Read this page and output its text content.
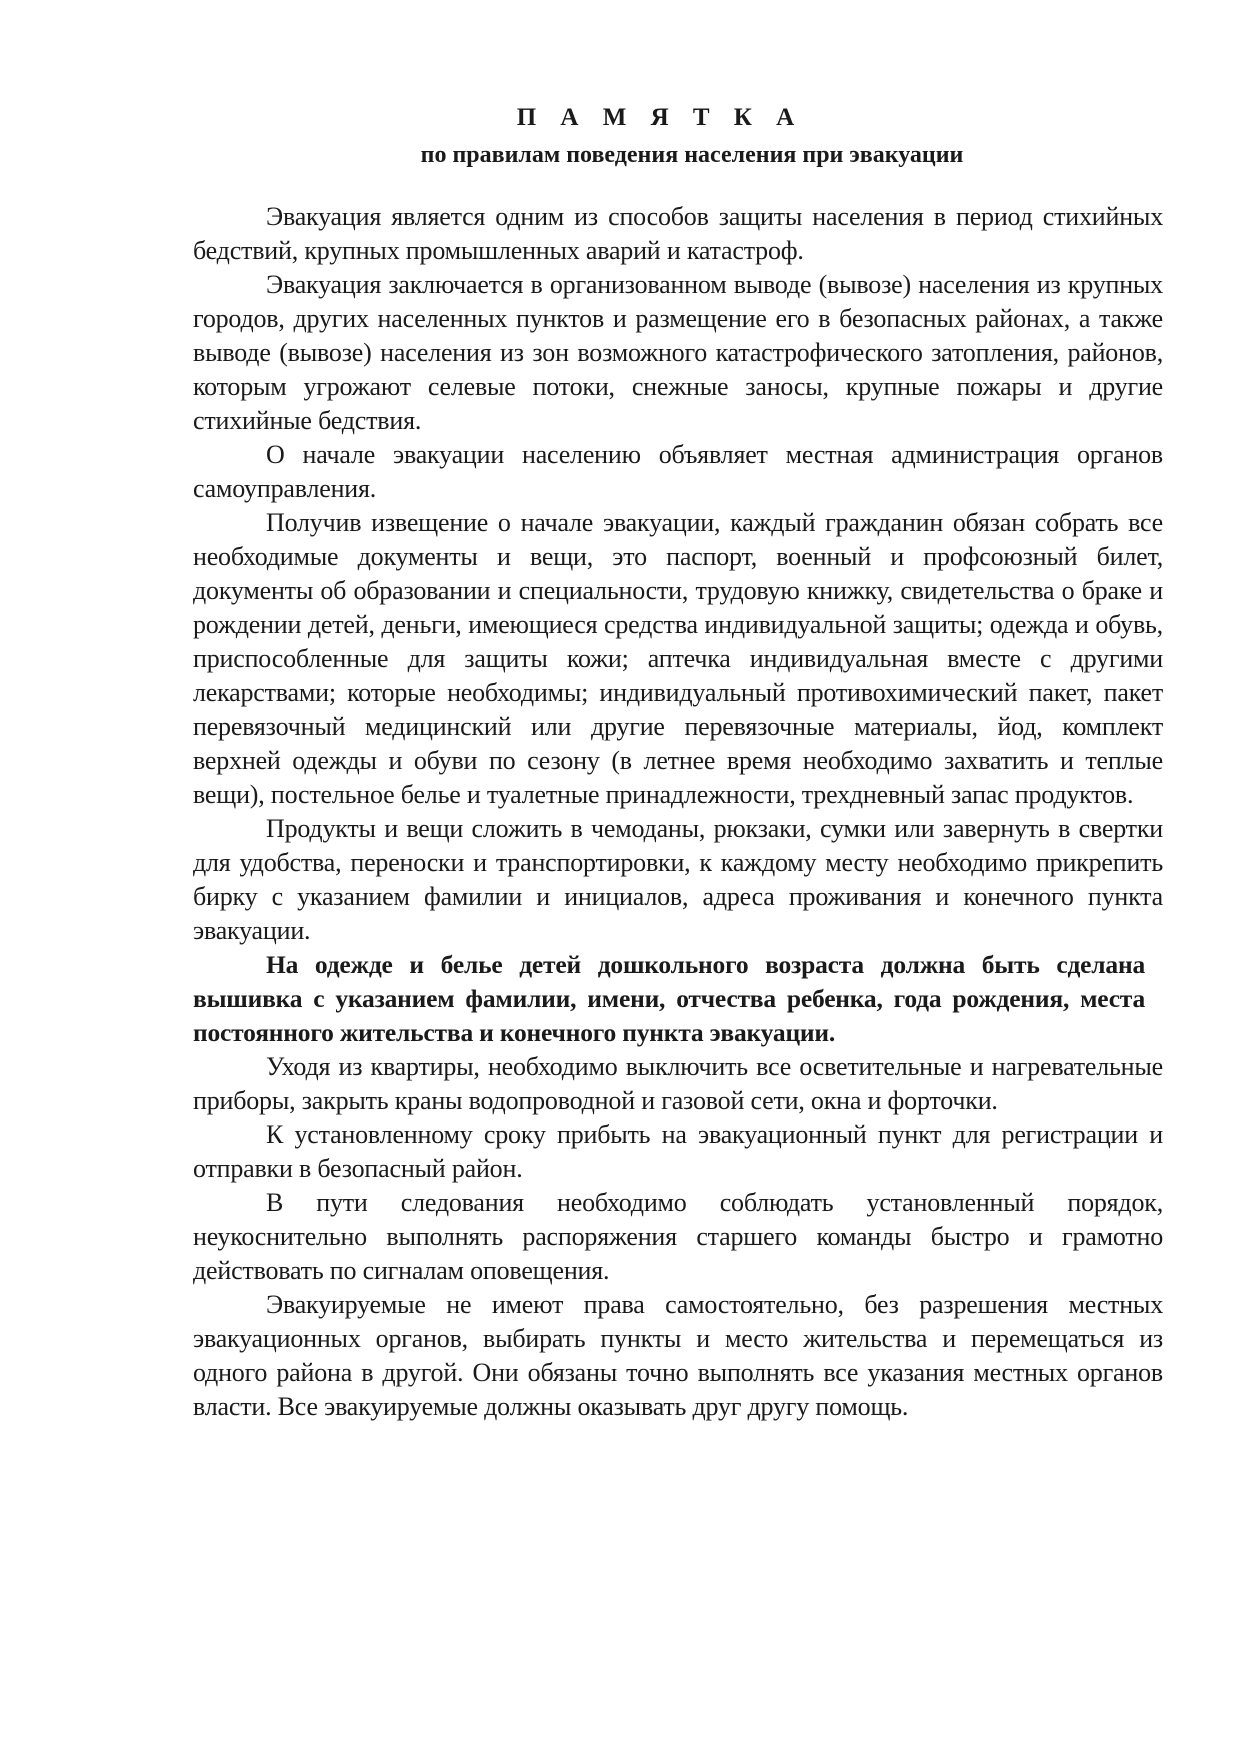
П А М Я Т К А
по правилам поведения населения при эвакуации

Эвакуация является одним из способов защиты населения в период стихийных бедствий, крупных промышленных аварий и катастроф.

Эвакуация заключается в организованном выводе (вывозе) населения из крупных городов, других населенных пунктов и размещение его в безопасных районах, а также выводе (вывозе) населения из зон возможного катастрофического затопления, районов, которым угрожают селевые потоки, снежные заносы, крупные пожары и другие стихийные бедствия.

О начале эвакуации населению объявляет местная администрация органов самоуправления.

Получив извещение о начале эвакуации, каждый гражданин обязан собрать все необходимые документы и вещи, это паспорт, военный и профсоюзный билет, документы об образовании и специальности, трудовую книжку, свидетельства о браке и рождении детей, деньги, имеющиеся средства индивидуальной защиты; одежда и обувь, приспособленные для защиты кожи; аптечка индивидуальная вместе с другими лекарствами; которые необходимы; индивидуальный противохимический пакет, пакет перевязочный медицинский или другие перевязочные материалы, йод, комплект верхней одежды и обуви по сезону (в летнее время необходимо захватить и теплые вещи), постельное белье и туалетные принадлежности, трехдневный запас продуктов.

Продукты и вещи сложить в чемоданы, рюкзаки, сумки или завернуть в свертки для удобства, переноски и транспортировки, к каждому месту необходимо прикрепить бирку с указанием фамилии и инициалов, адреса проживания и конечного пункта эвакуации.

На одежде и белье детей дошкольного возраста должна быть сделана вышивка с указанием фамилии, имени, отчества ребенка, года рождения, места постоянного жительства и конечного пункта эвакуации.

Уходя из квартиры, необходимо выключить все осветительные и нагревательные приборы, закрыть краны водопроводной и газовой сети, окна и форточки.

К установленному сроку прибыть на эвакуационный пункт для регистрации и отправки в безопасный район.

В пути следования необходимо соблюдать установленный порядок, неукоснительно выполнять распоряжения старшего команды быстро и грамотно действовать по сигналам оповещения.

Эвакуируемые не имеют права самостоятельно, без разрешения местных эвакуационных органов, выбирать пункты и место жительства и перемещаться из одного района в другой. Они обязаны точно выполнять все указания местных органов власти. Все эвакуируемые должны оказывать друг другу помощь.
